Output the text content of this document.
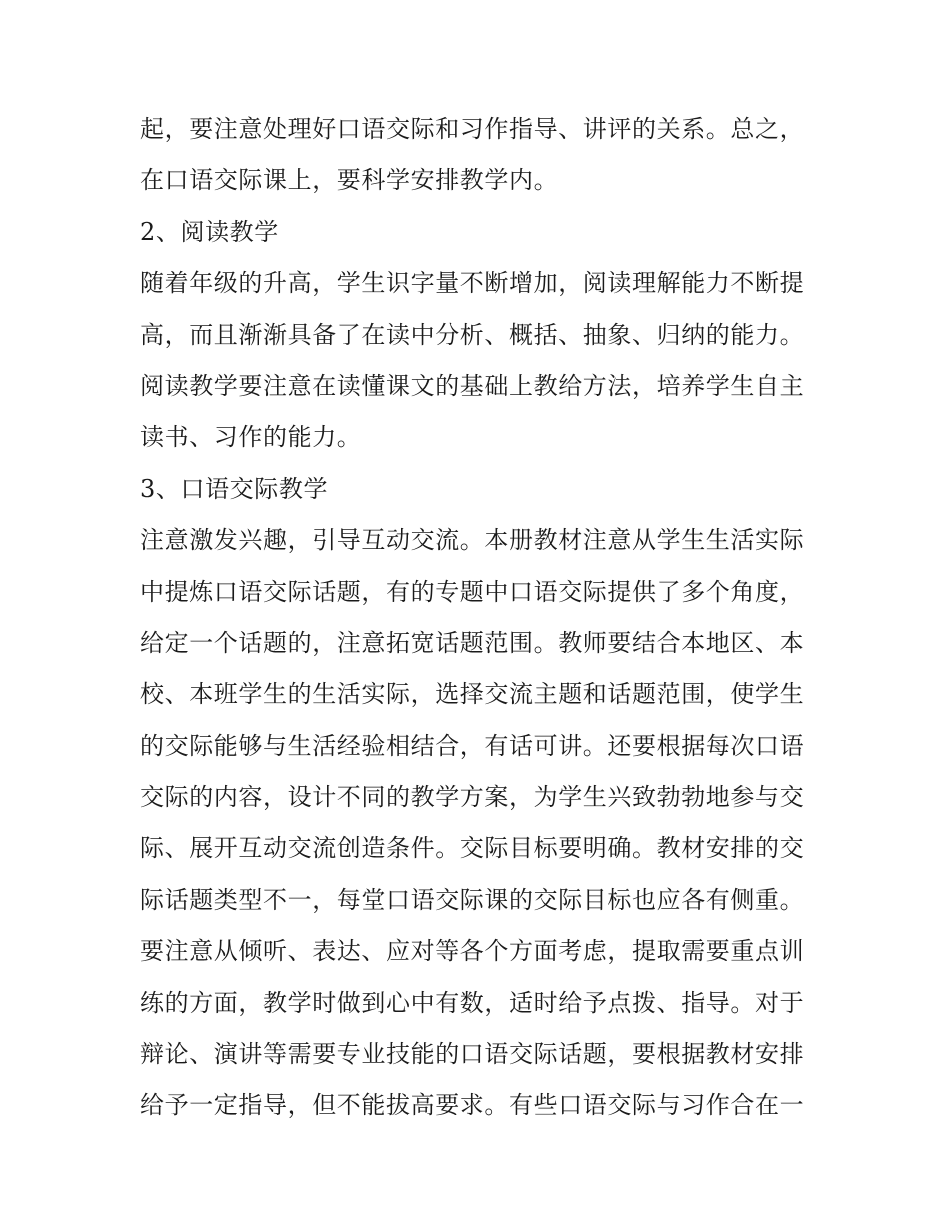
起，要注意处理好口语交际和习作指导、讲评的关系。总之，
在口语交际课上，要科学安排教学内。
2、阅读教学
随着年级的升高，学生识字量不断增加，阅读理解能力不断提
高，而且渐渐具备了在读中分析、概括、抽象、归纳的能力。
阅读教学要注意在读懂课文的基础上教给方法，培养学生自主
读书、习作的能力。
3、口语交际教学
注意激发兴趣，引导互动交流。本册教材注意从学生生活实际
中提炼口语交际话题，有的专题中口语交际提供了多个角度，
给定一个话题的，注意拓宽话题范围。教师要结合本地区、本
校、本班学生的生活实际，选择交流主题和话题范围，使学生
的交际能够与生活经验相结合，有话可讲。还要根据每次口语
交际的内容，设计不同的教学方案，为学生兴致勃勃地参与交
际、展开互动交流创造条件。交际目标要明确。教材安排的交
际话题类型不一，每堂口语交际课的交际目标也应各有侧重。
要注意从倾听、表达、应对等各个方面考虑，提取需要重点训
练的方面，教学时做到心中有数，适时给予点拨、指导。对于
辩论、演讲等需要专业技能的口语交际话题，要根据教材安排
给予一定指导，但不能拔高要求。有些口语交际与习作合在一
